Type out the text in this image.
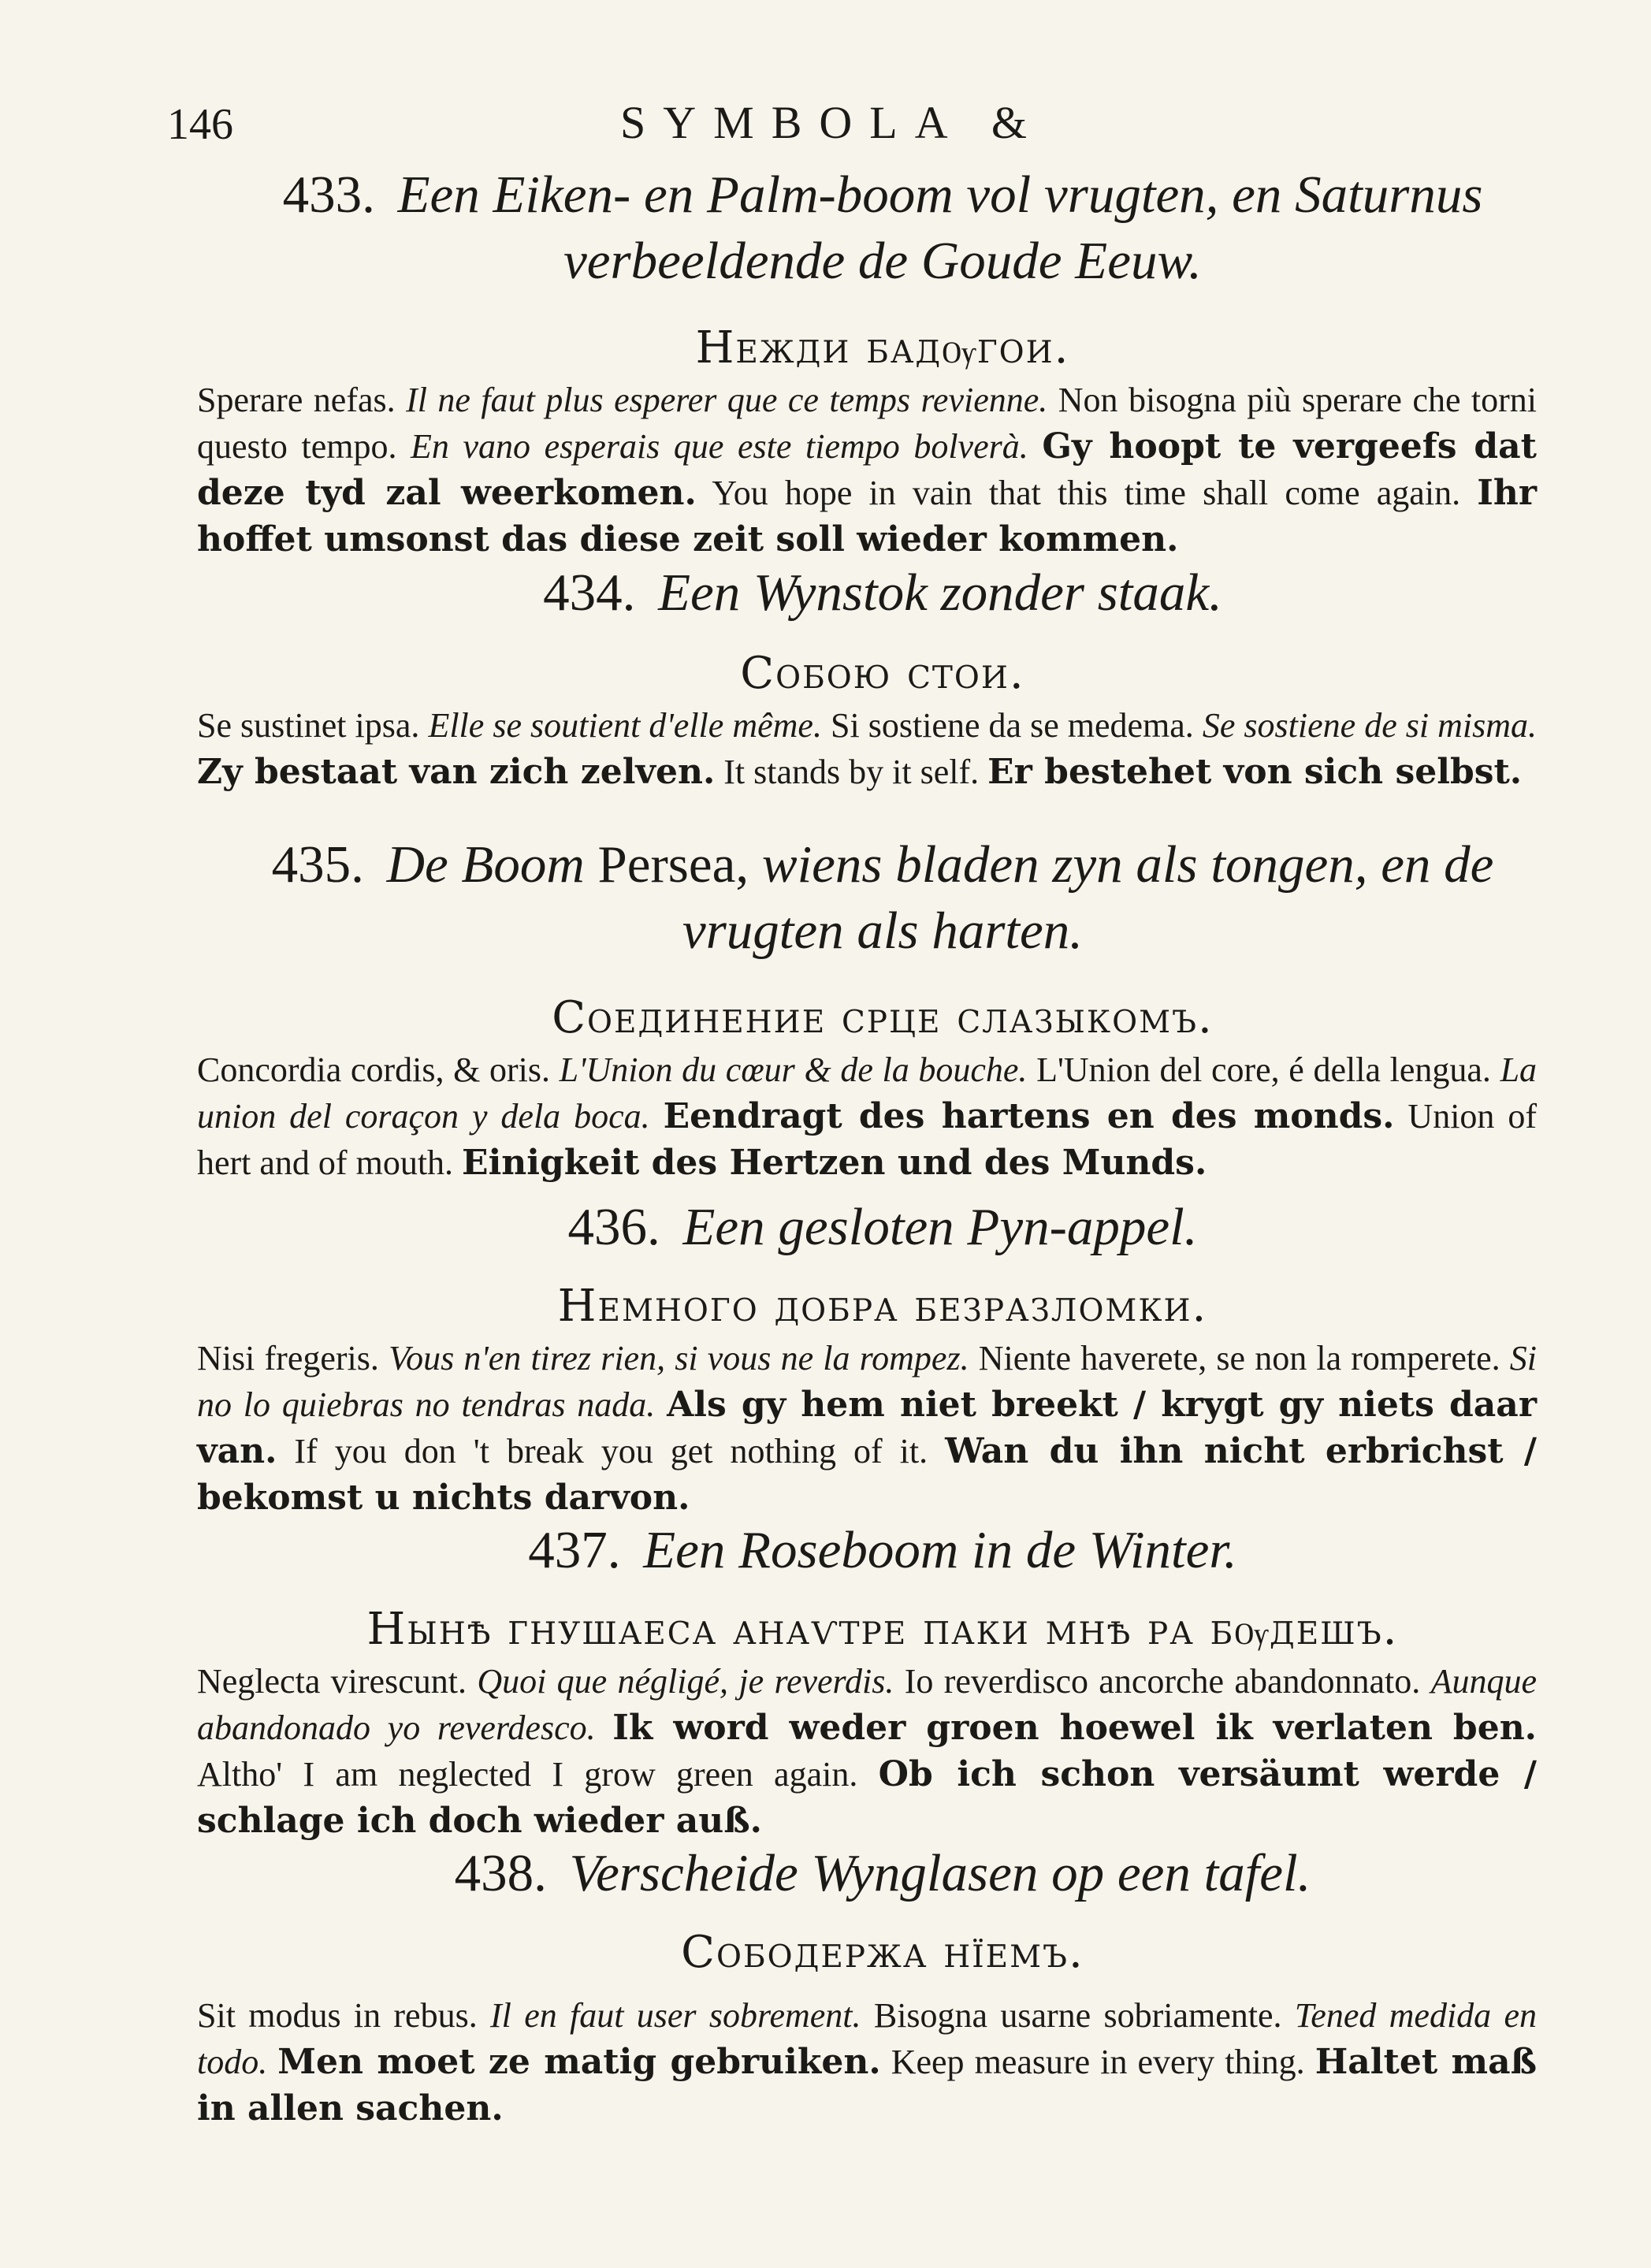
146	SYMBOLA &
433. Een Eiken- en Palm-boom vol vrugten, en Saturnus verbeeldende de Goude Eeuw.
Нежди бадѹгои.
Sperare nefas. Il ne faut plus esperer que ce temps revienne. Non bisogna più sperare che torni questo tempo. En vano esperais que este tiempo bolverà. Gy hoopt te vergeefs dat deze tyd zal weerkomen. You hope in vain that this time shall come again. Ihr hoffet umsonst das diese zeit soll wieder kommen.
434. Een Wynstok zonder staak.
Собою стои.
Se sustinet ipsa. Elle se soutient d'elle même. Si sostiene da se medema. Se sostiene de si misma. Zy bestaat van zich zelven. It stands by it self. Er bestehet von sich selbst.
435. De Boom Persea, wiens bladen zyn als tongen, en de vrugten als harten.
Соединение срце слазыкомъ.
Concordia cordis, & oris. L'Union du cœur & de la bouche. L'Union del core, é della lengua. La union del coraçon y dela boca. Eendragt des hartens en des monds. Union of hert and of mouth. Einigkeit des Hertzen und des Munds.
436. Een gesloten Pyn-appel.
Немного добра безразломки.
Nisi fregeris. Vous n'en tirez rien, si vous ne la rompez. Niente haverete, se non la romperete. Si no lo quiebras no tendras nada. Als gy hem niet breekt / krygt gy niets daar van. If you don 't break you get nothing of it. Wan du ihn nicht erbrichst / bekomst u nichts darvon.
437. Een Roseboom in de Winter.
Нынѣ гнушаеса анаѵтре паки мнѣ ра бѹдешъ.
Neglecta virescunt. Quoi que négligé, je reverdis. Io reverdisco ancorche abandonnato. Aunque abandonado yo reverdesco. Ik word weder groen hoewel ik verlaten ben. Altho' I am neglected I grow green again. Ob ich schon versäumt werde / schlage ich doch wieder auß.
438. Verscheide Wynglasen op een tafel.
Сободержа нїемъ.
Sit modus in rebus. Il en faut user sobrement. Bisogna usarne sobriamente. Tened medida en todo. Men moet ze matig gebruiken. Keep measure in every thing. Haltet maß in allen sachen.
